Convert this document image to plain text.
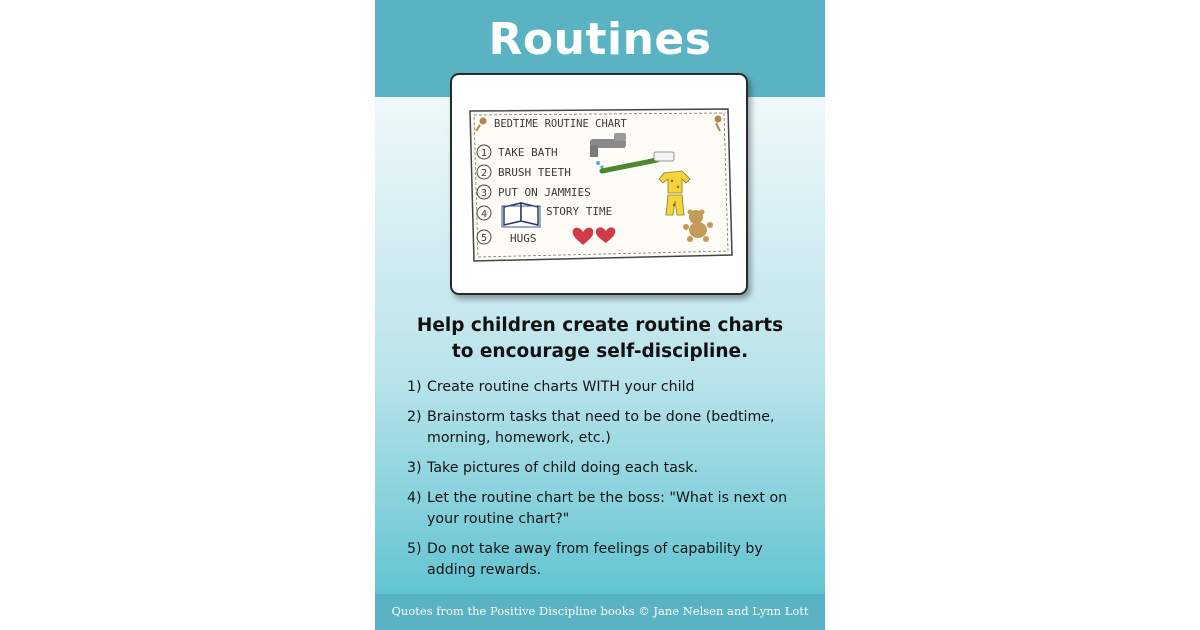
Routines
BEDTIME ROUTINE CHART
1 TAKE BATH
2 BRUSH TEETH
3 PUT ON JAMMIES
4	STORY TIME
5 HUGS
Help children create routine charts
to encourage self-discipline.
1) Create routine charts WITH your child
2) Brainstorm tasks that need to be done (bedtime, morning, homework, etc.)
3) Take pictures of child doing each task.
4) Let the routine chart be the boss: "What is next on your routine chart?"
5) Do not take away from feelings of capability by adding rewards.
Quotes from the Positive Discipline books © Jane Nelsen and Lynn Lott
